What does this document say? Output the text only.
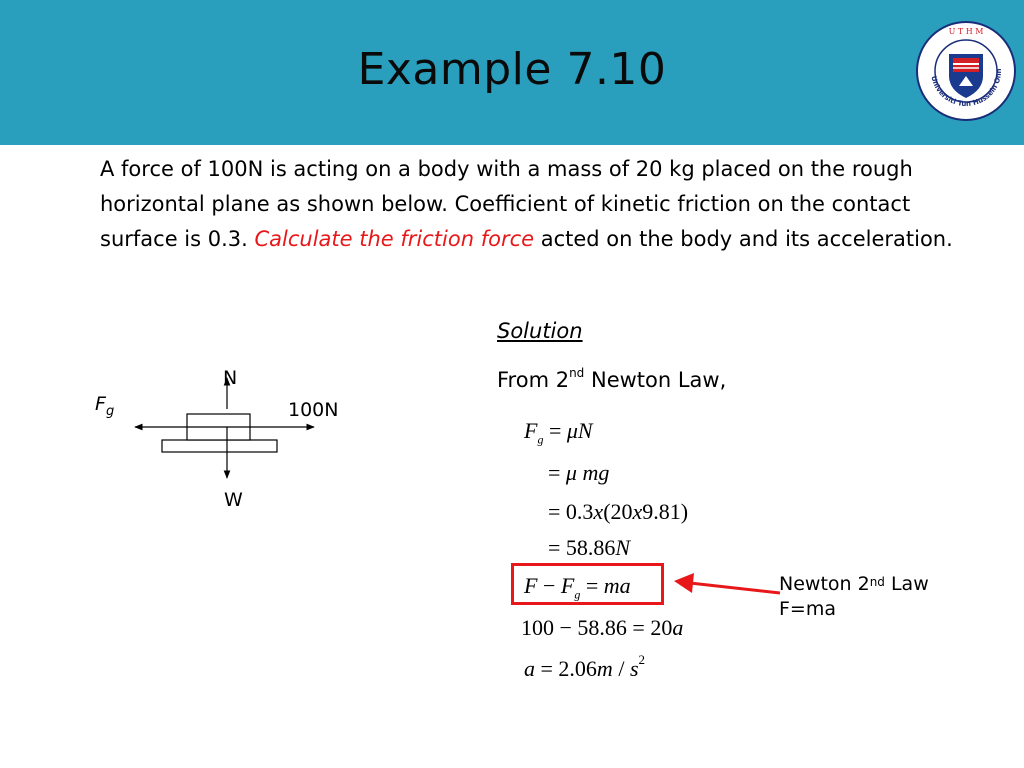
Example 7.10
U T H M
Universiti Tun Hussein Onn
A force of 100N is acting on a body with a mass of 20 kg placed on the rough horizontal plane as shown below. Coefficient of kinetic friction on the contact surface is 0.3. Calculate the friction force acted on the body and its acceleration.
N
$F_g$	100N
W
Solution
From 2nd Newton Law,
$F_g = \mu N$
= μ mg
= 0.3x(20x9.81)
= 58.86N
$F - F_g$ = ma
100 − 58.86 = 20a
$a = 2.06m / s^2$
Newton 2nd Law
F=ma
